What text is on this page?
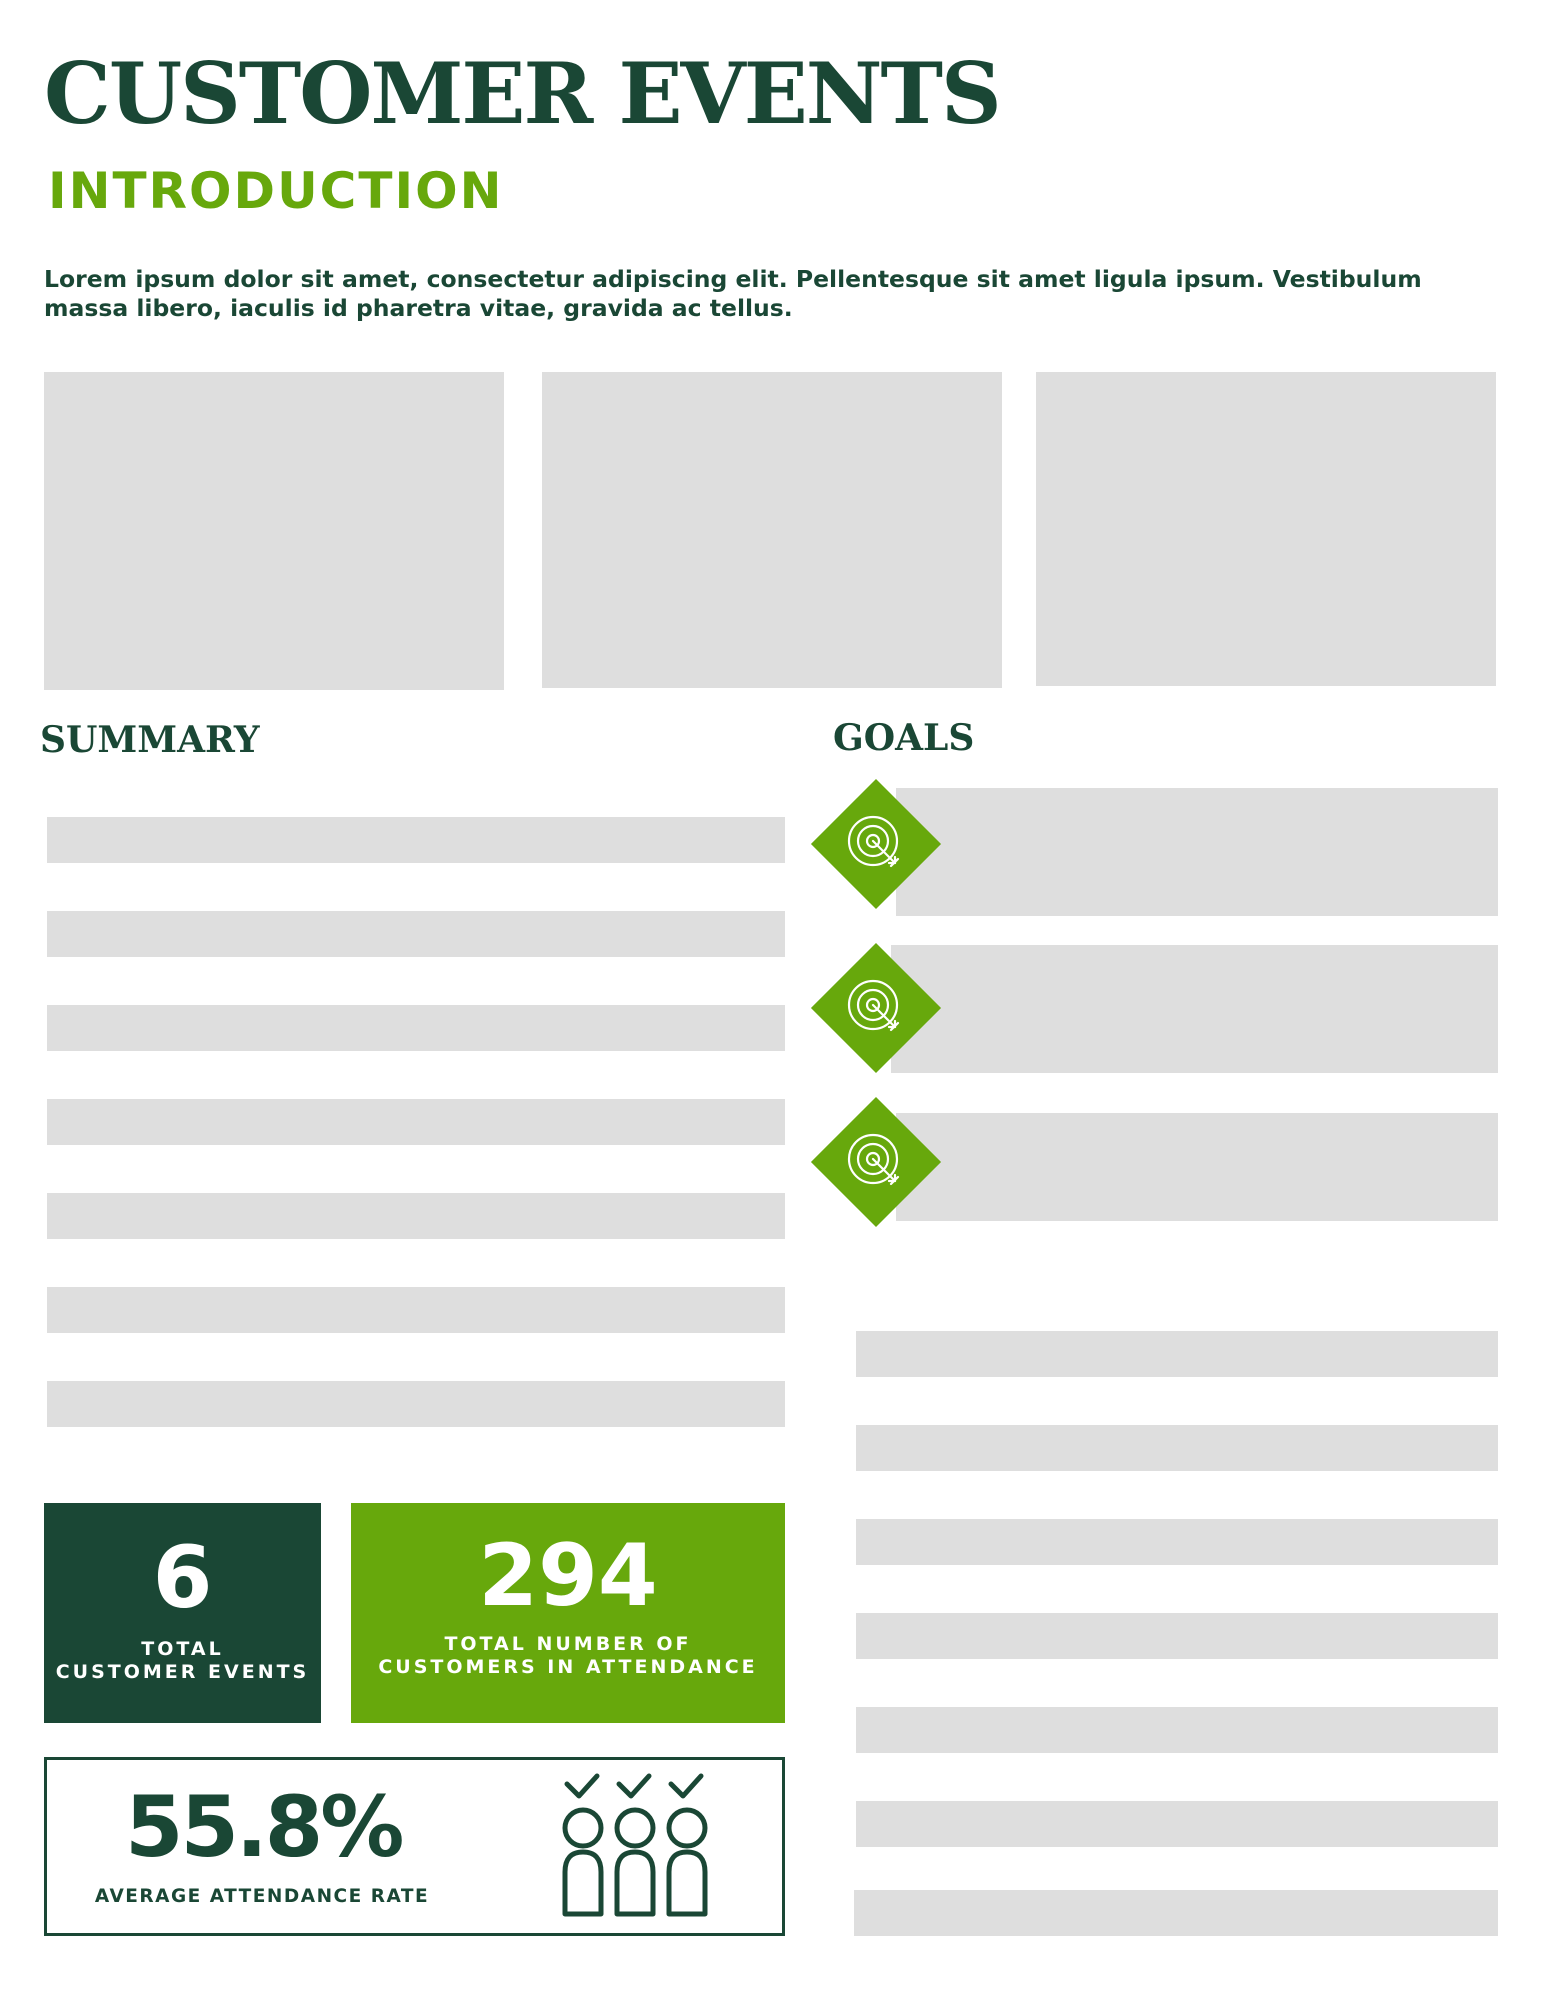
CUSTOMER EVENTS
INTRODUCTION

Lorem ipsum dolor sit amet, consectetur adipiscing elit. Pellentesque sit amet ligula ipsum. Vestibulum massa libero, iaculis id pharetra vitae, gravida ac tellus.

SUMMARY	GOALS
6
TOTAL
CUSTOMER EVENTS
294
TOTAL NUMBER OF
CUSTOMERS IN ATTENDANCE
55.8%
AVERAGE ATTENDANCE RATE
